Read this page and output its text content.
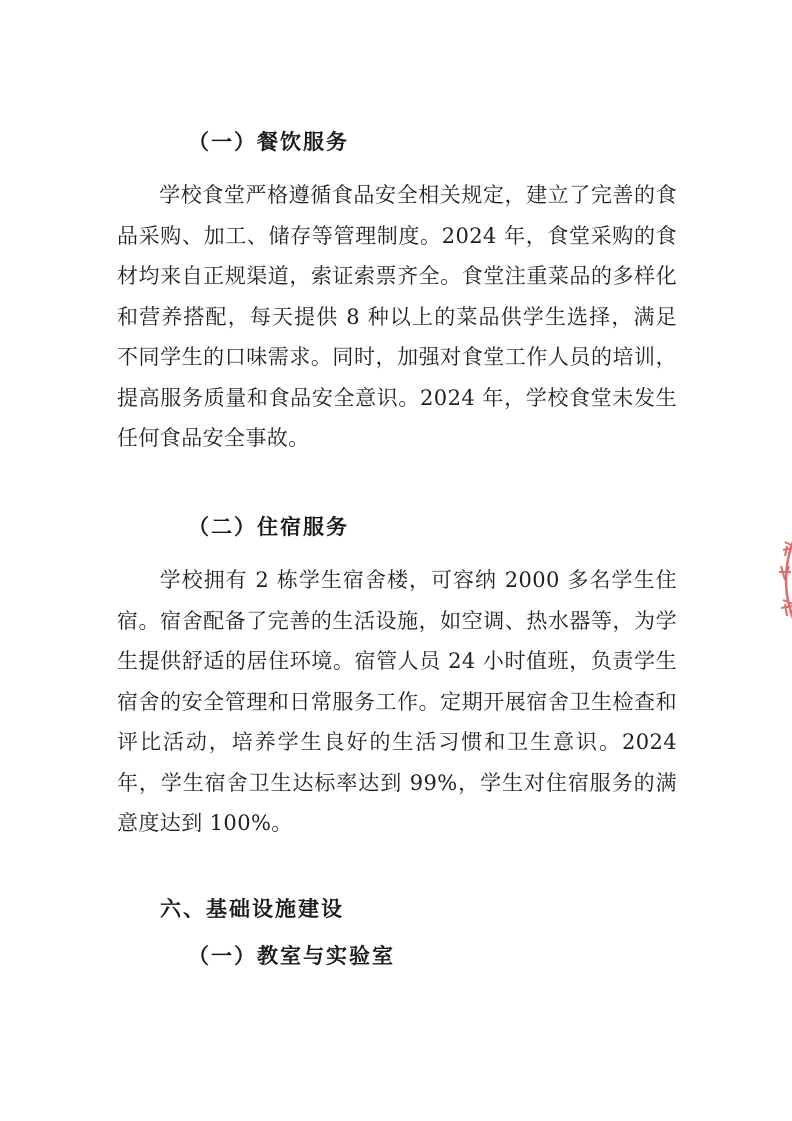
（一）餐饮服务
学校食堂严格遵循食品安全相关规定，建立了完善的食品采购、加工、储存等管理制度。2024 年，食堂采购的食材均来自正规渠道，索证索票齐全。食堂注重菜品的多样化和营养搭配，每天提供 8 种以上的菜品供学生选择，满足不同学生的口味需求。同时，加强对食堂工作人员的培训，提高服务质量和食品安全意识。2024 年，学校食堂未发生任何食品安全事故。
（二）住宿服务
学校拥有 2 栋学生宿舍楼，可容纳 2000 多名学生住宿。宿舍配备了完善的生活设施，如空调、热水器等，为学生提供舒适的居住环境。宿管人员 24 小时值班，负责学生宿舍的安全管理和日常服务工作。定期开展宿舍卫生检查和评比活动，培养学生良好的生活习惯和卫生意识。2024 年，学生宿舍卫生达标率达到 99%，学生对住宿服务的满意度达到 100%。
六、基础设施建设
（一）教室与实验室
